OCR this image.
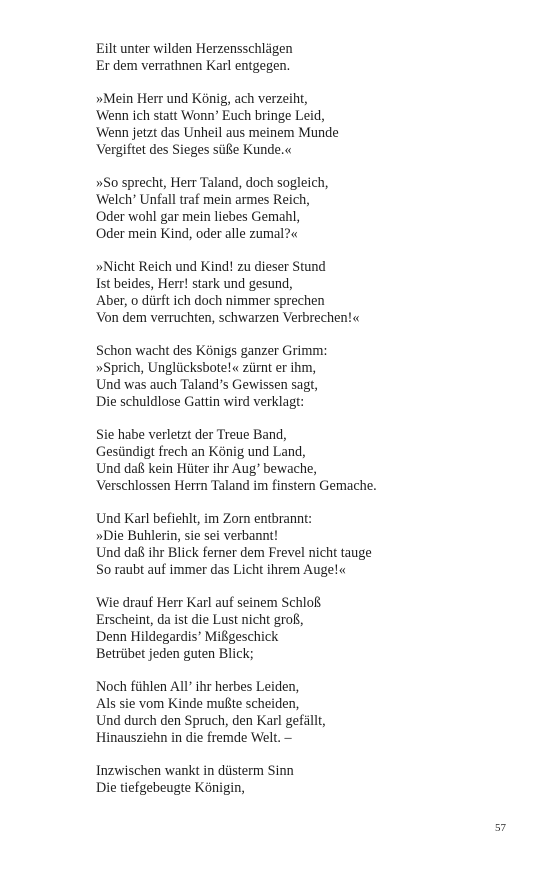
Eilt unter wilden Herzensschlägen
Er dem verrathnen Karl entgegen.
»Mein Herr und König, ach verzeiht,
Wenn ich statt Wonn’ Euch bringe Leid,
Wenn jetzt das Unheil aus meinem Munde
Vergiftet des Sieges süße Kunde.«
»So sprecht, Herr Taland, doch sogleich,
Welch’ Unfall traf mein armes Reich,
Oder wohl gar mein liebes Gemahl,
Oder mein Kind, oder alle zumal?«
»Nicht Reich und Kind! zu dieser Stund
Ist beides, Herr! stark und gesund,
Aber, o dürft ich doch nimmer sprechen
Von dem verruchten, schwarzen Verbrechen!«
Schon wacht des Königs ganzer Grimm:
»Sprich, Unglücksbote!« zürnt er ihm,
Und was auch Taland’s Gewissen sagt,
Die schuldlose Gattin wird verklagt:
Sie habe verletzt der Treue Band,
Gesündigt frech an König und Land,
Und daß kein Hüter ihr Aug’ bewache,
Verschlossen Herrn Taland im finstern Gemache.
Und Karl befiehlt, im Zorn entbrannt:
»Die Buhlerin, sie sei verbannt!
Und daß ihr Blick ferner dem Frevel nicht tauge
So raubt auf immer das Licht ihrem Auge!«
Wie drauf Herr Karl auf seinem Schloß
Erscheint, da ist die Lust nicht groß,
Denn Hildegardis’ Mißgeschick
Betrübet jeden guten Blick;
Noch fühlen All’ ihr herbes Leiden,
Als sie vom Kinde mußte scheiden,
Und durch den Spruch, den Karl gefällt,
Hinausziehn in die fremde Welt. –
Inzwischen wankt in düsterm Sinn
Die tiefgebeugte Königin,
57
